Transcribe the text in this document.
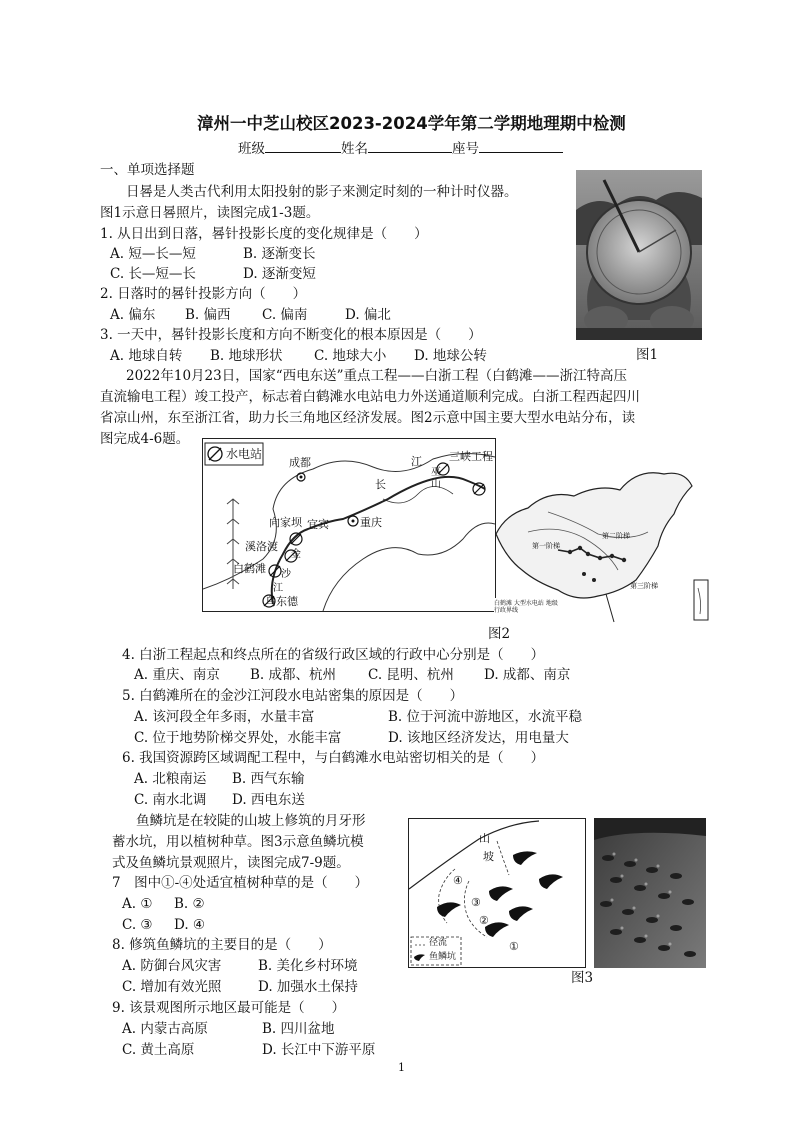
漳州一中芝山校区2023-2024学年第二学期地理期中检测
班级	姓名	座号
一、单项选择题
日晷是人类古代利用太阳投射的影子来测定时刻的一种计时仪器。
图1示意日晷照片，读图完成1-3题。
1. 从日出到日落，晷针投影长度的变化规律是（　　）
A. 短—长—短	B. 逐渐变长
C. 长—短—长	D. 逐渐变短
2. 日落时的晷针投影方向（　　）
A. 偏东 B. 偏西 C. 偏南	D. 偏北
3. 一天中，晷针投影长度和方向不断变化的根本原因是（　　）
A. 地球自转 B. 地球形状 C. 地球大小 D. 地球公转	图1
2022年10月23日，国家“西电东送”重点工程——白浙工程（白鹤滩——浙江特高压
直流输电工程）竣工投产，标志着白鹤滩水电站电力外送通道顺利完成。白浙工程西起四川
省凉山州，东至浙江省，助力长三角地区经济发展。图2示意中国主要大型水电站分布，读
图完成4-6题。
水电站
成都
重庆
宜宾
向家坝
溪洛渡
白鹤滩
乌东德
三峡工程
江
长
巫
山
金
沙
江
第一阶梯
第二阶梯
第三阶梯
白鹤滩 大型水电站 地级行政界线
图2
4. 白浙工程起点和终点所在的省级行政区域的行政中心分别是（　　）
A. 重庆、南京 B. 成都、杭州 C. 昆明、杭州 D. 成都、南京
5. 白鹤滩所在的金沙江河段水电站密集的原因是（　　）
A. 该河段全年多雨，水量丰富	B. 位于河流中游地区，水流平稳
C. 位于地势阶梯交界处，水能丰富	D. 该地区经济发达，用电量大
6. 我国资源跨区域调配工程中，与白鹤滩水电站密切相关的是（　　）
A. 北粮南运 B. 西气东输
C. 南水北调 D. 西电东送
鱼鳞坑是在较陡的山坡上修筑的月牙形
蓄水坑，用以植树种草。图3示意鱼鳞坑模
式及鱼鳞坑景观照片，读图完成7-9题。
7　图中①-④处适宜植树种草的是（　　）
A. ① B. ②
C. ③ D. ④
8. 修筑鱼鳞坑的主要目的是（　　）
A. 防御台风灾害	B. 美化乡村环境
C. 增加有效光照	D. 加强水土保持
9. 该景观图所示地区最可能是（　　）
A. 内蒙古高原	B. 四川盆地
C. 黄土高原	D. 长江中下游平原
山
坡
④
③
②
①
径流
鱼鳞坑
图3
1
